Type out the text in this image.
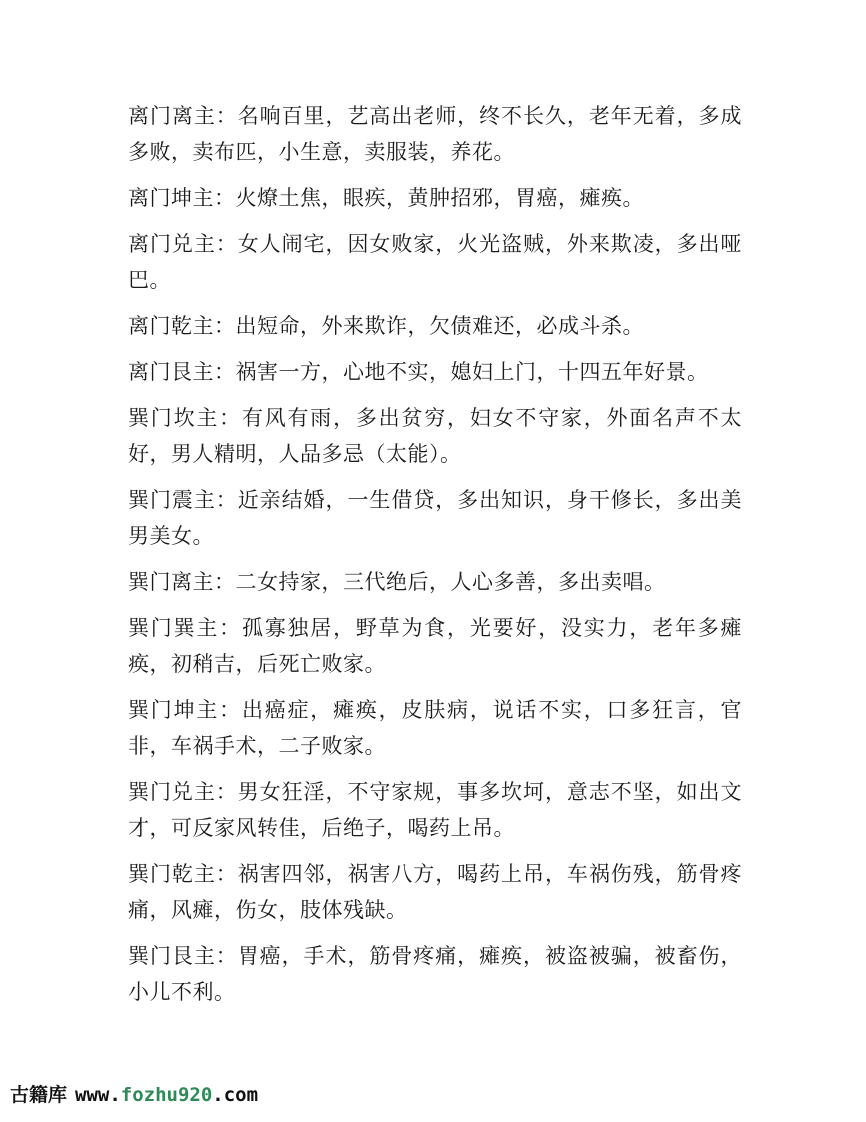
离门离主：名响百里，艺高出老师，终不长久，老年无着，多成多败，卖布匹，小生意，卖服装，养花。

离门坤主：火燎土焦，眼疾，黄肿招邪，胃癌，瘫痪。

离门兑主：女人闹宅，因女败家，火光盗贼，外来欺凌，多出哑巴。

离门乾主：出短命，外来欺诈，欠债难还，必成斗杀。

离门艮主：祸害一方，心地不实，媳妇上门，十四五年好景。

巽门坎主：有风有雨，多出贫穷，妇女不守家，外面名声不太好，男人精明，人品多忌（太能）。

巽门震主：近亲结婚，一生借贷，多出知识，身干修长，多出美男美女。

巽门离主：二女持家，三代绝后，人心多善，多出卖唱。

巽门巽主：孤寡独居，野草为食，光要好，没实力，老年多瘫痪，初稍吉，后死亡败家。

巽门坤主：出癌症，瘫痪，皮肤病，说话不实，口多狂言，官非，车祸手术，二子败家。

巽门兑主：男女狂淫，不守家规，事多坎坷，意志不坚，如出文才，可反家风转佳，后绝子，喝药上吊。

巽门乾主：祸害四邻，祸害八方，喝药上吊，车祸伤残，筋骨疼痛，风瘫，伤女，肢体残缺。

巽门艮主：胃癌，手术，筋骨疼痛，瘫痪，被盗被骗，被畜伤，小儿不利。

古籍库 www.fozhu920.com
